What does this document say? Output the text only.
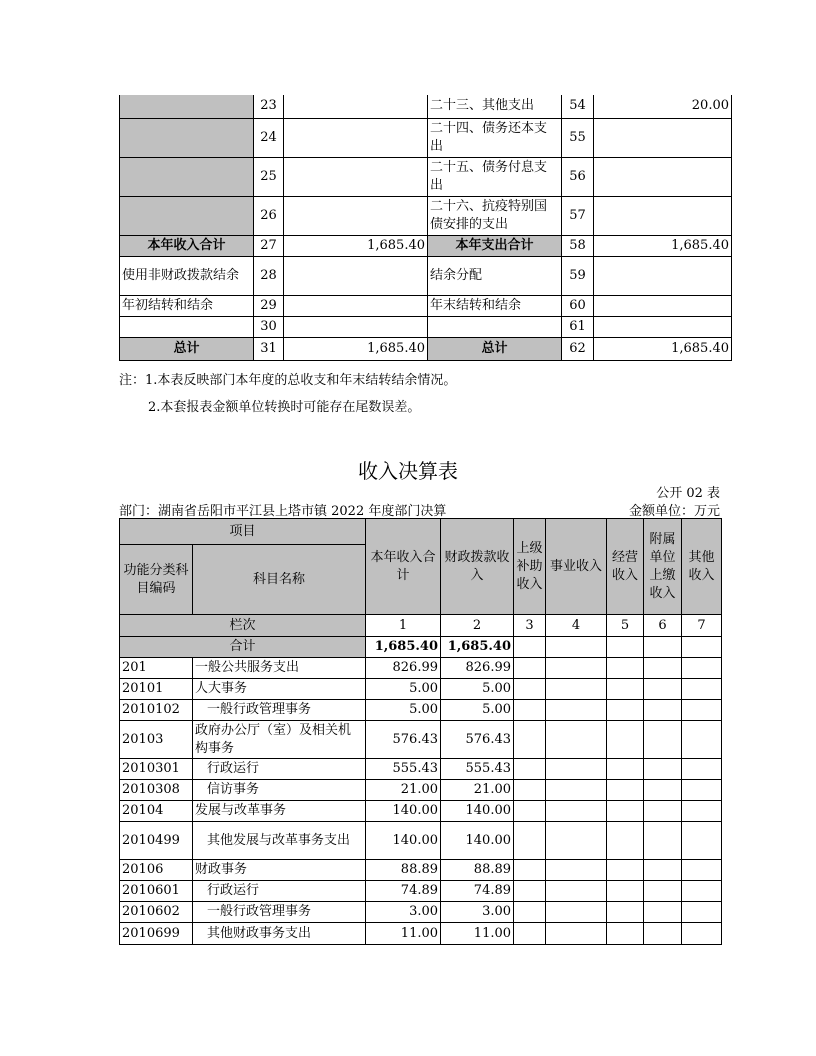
	23		二十三、其他支出	54	20.00
	24		二十四、债务还本支出	55	
	25		二十五、债务付息支出	56	
	26		二十六、抗疫特别国债安排的支出	57	
本年收入合计	27	1,685.40	本年支出合计	58	1,685.40
使用非财政拨款结余	28		结余分配	59	
年初结转和结余	29		年末结转和结余	60	
	30			61	
总计	31	1,685.40	总计	62	1,685.40
注：1.本表反映部门本年度的总收支和年末结转结余情况。
2.本套报表金额单位转换时可能存在尾数误差。
收入决算表
公开 02 表
部门：湖南省岳阳市平江县上塔市镇 2022 年度部门决算	金额单位：万元
项目		本年收入合计	财政拨款收入	上级补助收入	事业收入	经营收入	附属单位上缴收入	其他收入
功能分类科目编码	科目名称							
栏次		1	2	3	4	5	6	7
合计		1,685.40	1,685.40					
201	一般公共服务支出	826.99	826.99					
20101	人大事务	5.00	5.00					
2010102	一般行政管理事务	5.00	5.00					
20103	政府办公厅（室）及相关机构事务	576.43	576.43					
2010301	行政运行	555.43	555.43					
2010308	信访事务	21.00	21.00					
20104	发展与改革事务	140.00	140.00					
2010499	其他发展与改革事务支出	140.00	140.00					
20106	财政事务	88.89	88.89					
2010601	行政运行	74.89	74.89					
2010602	一般行政管理事务	3.00	3.00					
2010699	其他财政事务支出	11.00	11.00					
